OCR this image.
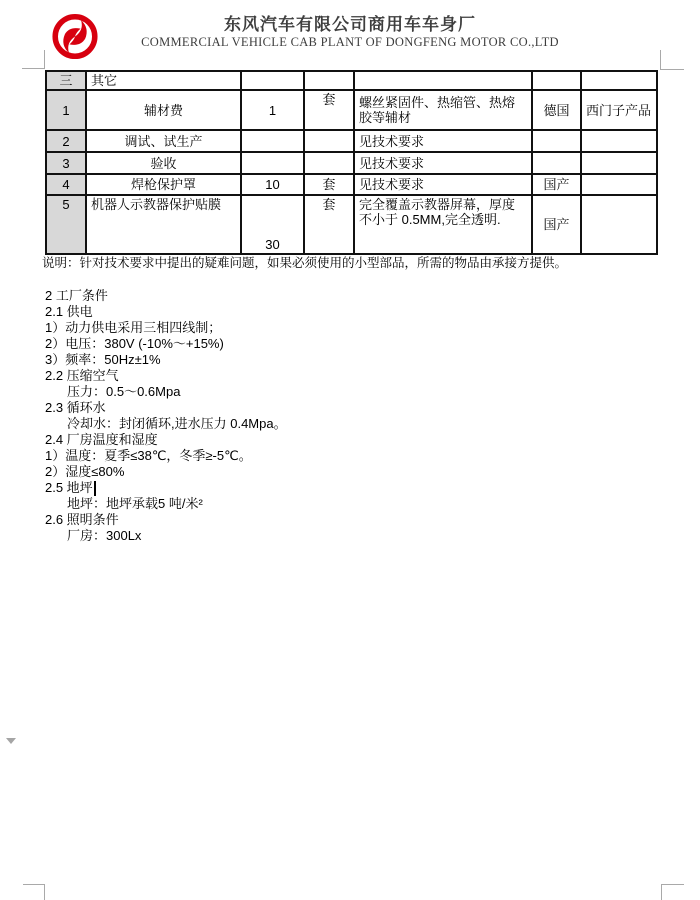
东风汽车有限公司商用车车身厂
COMMERCIAL VEHICLE CAB PLANT OF DONGFENG MOTOR CO.,LTD
三	其它					
1	辅材费	1	套	螺丝紧固件、热缩管、热熔胶等辅材	德国	西门子产品
2	调试、试生产			见技术要求		
3	验收			见技术要求		
4	焊枪保护罩	10	套	见技术要求	国产	
5	机器人示教器保护贴膜	30	套	完全覆盖示教器屏幕，厚度不小于 0.5MM,完全透明.	国产	
说明：针对技术要求中提出的疑难问题，如果必须使用的小型部品，所需的物品由承接方提供。

2 工厂条件

2.1 供电

1）动力供电采用三相四线制；

2）电压：380V (-10%～+15%)

3）频率：50Hz±1%

2.2 压缩空气

压力：0.5～0.6Mpa

2.3 循环水

冷却水：封闭循环,进水压力 0.4Mpa。

2.4 厂房温度和湿度

1）温度：夏季≤38℃，冬季≥-5℃。

2）湿度≤80%

2.5 地坪

地坪：地坪承载5 吨/米²

2.6 照明条件

厂房：300Lx
